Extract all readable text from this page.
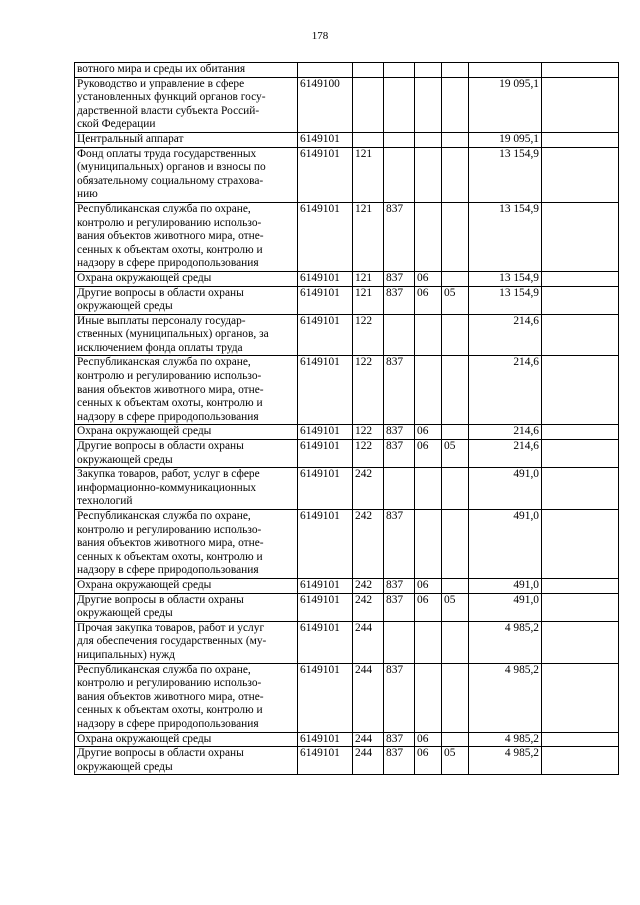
178
вотного мира и среды их обитания							

Руководство и управление в сфере
установленных функций органов госу-
дарственной власти субъекта Россий-
ской Федерации	6149100					19 095,1	

Центральный аппарат	6149101					19 095,1	

Фонд оплаты труда государственных
(муниципальных) органов и взносы по
обязательному социальному страхова-
нию	6149101	121				13 154,9	

Республиканская служба по охране,
контролю и регулированию использо-
вания объектов животного мира, отне-
сенных к объектам охоты, контролю и
надзору в сфере природопользования	6149101	121	837			13 154,9	

Охрана окружающей среды	6149101	121	837	06		13 154,9	

Другие вопросы в области охраны
окружающей среды	6149101	121	837	06	05	13 154,9	

Иные выплаты персоналу государ-
ственных (муниципальных) органов, за
исключением фонда оплаты труда	6149101	122				214,6	

Республиканская служба по охране,
контролю и регулированию использо-
вания объектов животного мира, отне-
сенных к объектам охоты, контролю и
надзору в сфере природопользования	6149101	122	837			214,6	

Охрана окружающей среды	6149101	122	837	06		214,6	

Другие вопросы в области охраны
окружающей среды	6149101	122	837	06	05	214,6	

Закупка товаров, работ, услуг в сфере
информационно-коммуникационных
технологий	6149101	242				491,0	

Республиканская служба по охране,
контролю и регулированию использо-
вания объектов животного мира, отне-
сенных к объектам охоты, контролю и
надзору в сфере природопользования	6149101	242	837			491,0	

Охрана окружающей среды	6149101	242	837	06		491,0	

Другие вопросы в области охраны
окружающей среды	6149101	242	837	06	05	491,0	

Прочая закупка товаров, работ и услуг
для обеспечения государственных (му-
ниципальных) нужд	6149101	244				4 985,2	

Республиканская служба по охране,
контролю и регулированию использо-
вания объектов животного мира, отне-
сенных к объектам охоты, контролю и
надзору в сфере природопользования	6149101	244	837			4 985,2	

Охрана окружающей среды	6149101	244	837	06		4 985,2	

Другие вопросы в области охраны
окружающей среды	6149101	244	837	06	05	4 985,2	
